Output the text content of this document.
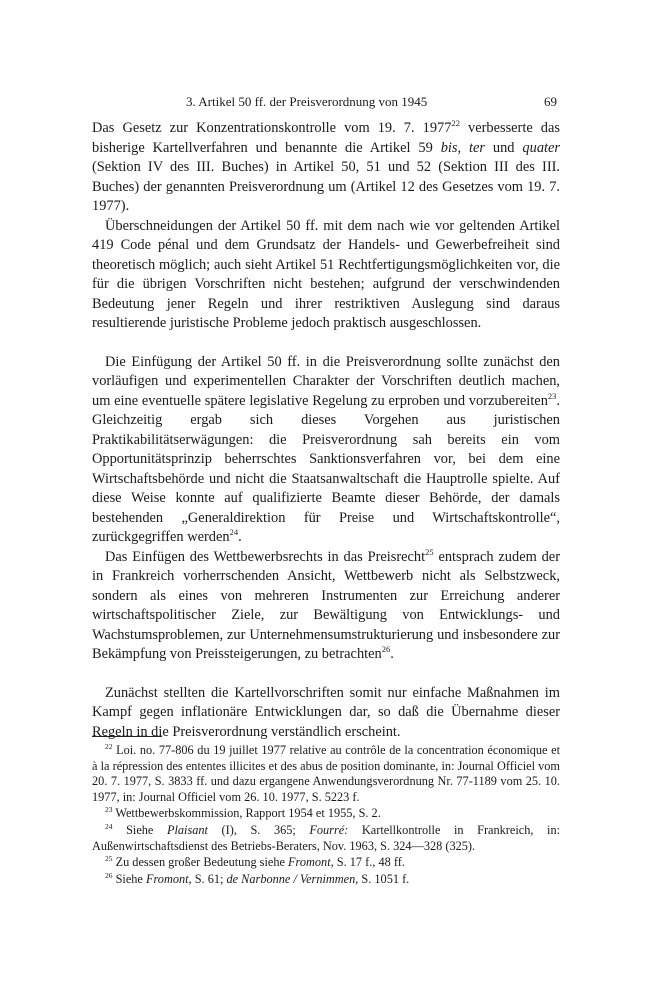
3. Artikel 50 ff. der Preisverordnung von 1945	69

Das Gesetz zur Konzentrationskontrolle vom 19. 7. 1977$^{22}$ verbesserte das bisherige Kartellverfahren und benannte die Artikel 59 bis, ter und quater (Sektion IV des III. Buches) in Artikel 50, 51 und 52 (Sektion III des III. Buches) der genannten Preisverordnung um (Artikel 12 des Gesetzes vom 19. 7. 1977).

Überschneidungen der Artikel 50 ff. mit dem nach wie vor geltenden Artikel 419 Code pénal und dem Grundsatz der Handels- und Gewerbefreiheit sind theoretisch möglich; auch sieht Artikel 51 Rechtfertigungsmöglichkeiten vor, die für die übrigen Vorschriften nicht bestehen; aufgrund der verschwindenden Bedeutung jener Regeln und ihrer restriktiven Auslegung sind daraus resultierende juristische Probleme jedoch praktisch ausgeschlossen.

Die Einfügung der Artikel 50 ff. in die Preisverordnung sollte zunächst den vorläufigen und experimentellen Charakter der Vorschriften deutlich machen, um eine eventuelle spätere legislative Regelung zu erproben und vorzubereiten$^{23}$. Gleichzeitig ergab sich dieses Vorgehen aus juristischen Praktikabilitätserwägungen: die Preisverordnung sah bereits ein vom Opportunitätsprinzip beherrschtes Sanktionsverfahren vor, bei dem eine Wirtschaftsbehörde und nicht die Staatsanwaltschaft die Hauptrolle spielte. Auf diese Weise konnte auf qualifizierte Beamte dieser Behörde, der damals bestehenden „Generaldirektion für Preise und Wirtschaftskontrolle“, zurückgegriffen werden$^{24}$.

Das Einfügen des Wettbewerbsrechts in das Preisrecht$^{25}$ entsprach zudem der in Frankreich vorherrschenden Ansicht, Wettbewerb nicht als Selbstzweck, sondern als eines von mehreren Instrumenten zur Erreichung anderer wirtschaftspolitischer Ziele, zur Bewältigung von Entwicklungs- und Wachstumsproblemen, zur Unternehmensumstrukturierung und insbesondere zur Bekämpfung von Preissteigerungen, zu betrachten$^{26}$.

Zunächst stellten die Kartellvorschriften somit nur einfache Maßnahmen im Kampf gegen inflationäre Entwicklungen dar, so daß die Übernahme dieser Regeln in die Preisverordnung verständlich erscheint.

$^{22}$ Loi. no. 77-806 du 19 juillet 1977 relative au contrôle de la concentration économique et à la répression des ententes illicites et des abus de position dominante, in: Journal Officiel vom 20. 7. 1977, S. 3833 ff. und dazu ergangene Anwendungsverordnung Nr. 77-1189 vom 25. 10. 1977, in: Journal Officiel vom 26. 10. 1977, S. 5223 f.

$^{23}$ Wettbewerbskommission, Rapport 1954 et 1955, S. 2.

$^{24}$ Siehe Plaisant (I), S. 365; Fourré: Kartellkontrolle in Frankreich, in: Außenwirtschaftsdienst des Betriebs-Beraters, Nov. 1963, S. 324—328 (325).

$^{25}$ Zu dessen großer Bedeutung siehe Fromont, S. 17 f., 48 ff.

$^{26}$ Siehe Fromont, S. 61; de Narbonne / Vernimmen, S. 1051 f.
